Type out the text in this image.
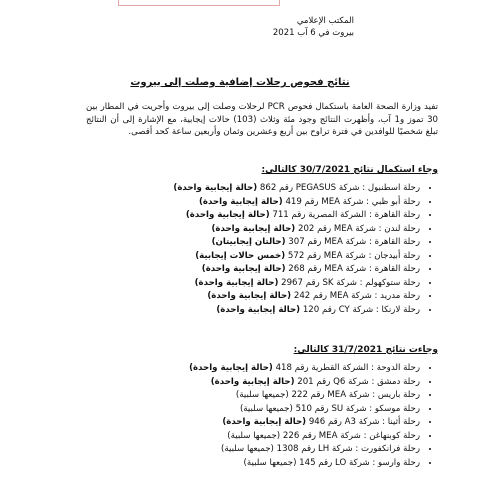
المكتب الإعلامي
بيروت في 6 آب 2021
نتائج فحوص رحلات إضافية وصلت إلى بيروت
تفيد وزارة الصحة العامة باستكمال فحوص PCR لرحلات وصلت إلى بيروت وأجريت في المطار بين 30 تموز و1 آب، وأظهرت النتائج وجود مئة وثلاث (103) حالات إيجابية، مع الإشارة إلى أن النتائج تبلغ شخصيًا للوافدين في فترة تراوح بين أربع وعشرين وثمان وأربعين ساعة كحد أقصى.
وجاء استكمال نتائج 30/7/2021 كالتالي:
• رحلة اسطنبول : شركة PEGASUS رقم 862 (حالة إيجابية واحدة)
• رحلة أبو ظبي : شركة MEA رقم 419 (حالة إيجابية واحدة)
• رحلة القاهرة : الشركة المصرية رقم 711 (حالة إيجابية واحدة)
• رحلة لندن : شركة MEA رقم 202 (حالة إيجابية واحدة)
• رحلة القاهرة : شركة MEA رقم 307 (حالتان إيجابيتان)
• رحلة أبيدجان : شركة MEA رقم 572 (خمس حالات إيجابية)
• رحلة القاهرة : شركة MEA رقم 268 (حالة إيجابية واحدة)
• رحلة ستوكهولم : شركة SK رقم 2967 (حالة إيجابية واحدة)
• رحلة مدريد : شركة MEA رقم 242 (حالة إيجابية واحدة)
• رحلة لارنكا : شركة CY رقم 120 (حالة إيجابية واحدة)
وجاءت نتائج 31/7/2021 كالتالي:
• رحلة الدوحة : الشركة القطرية رقم 418 (حالة إيجابية واحدة)
• رحلة دمشق : شركة Q6 رقم 201 (حالة إيجابية واحدة)
• رحلة باريس : شركة MEA رقم 222 (جميعها سلبية)
• رحلة موسكو : شركة SU رقم 510 (جميعها سلبية)
• رحلة أثينا : شركة A3 رقم 946 (حالة إيجابية واحدة)
• رحلة كوبنهاغن : شركة MEA رقم 226 (جميعها سلبية)
• رحلة فرانكفورت : شركة LH رقم 1308 (جميعها سلبية)
• رحلة وارسو : شركة LO رقم 145 (جميعها سلبية)
